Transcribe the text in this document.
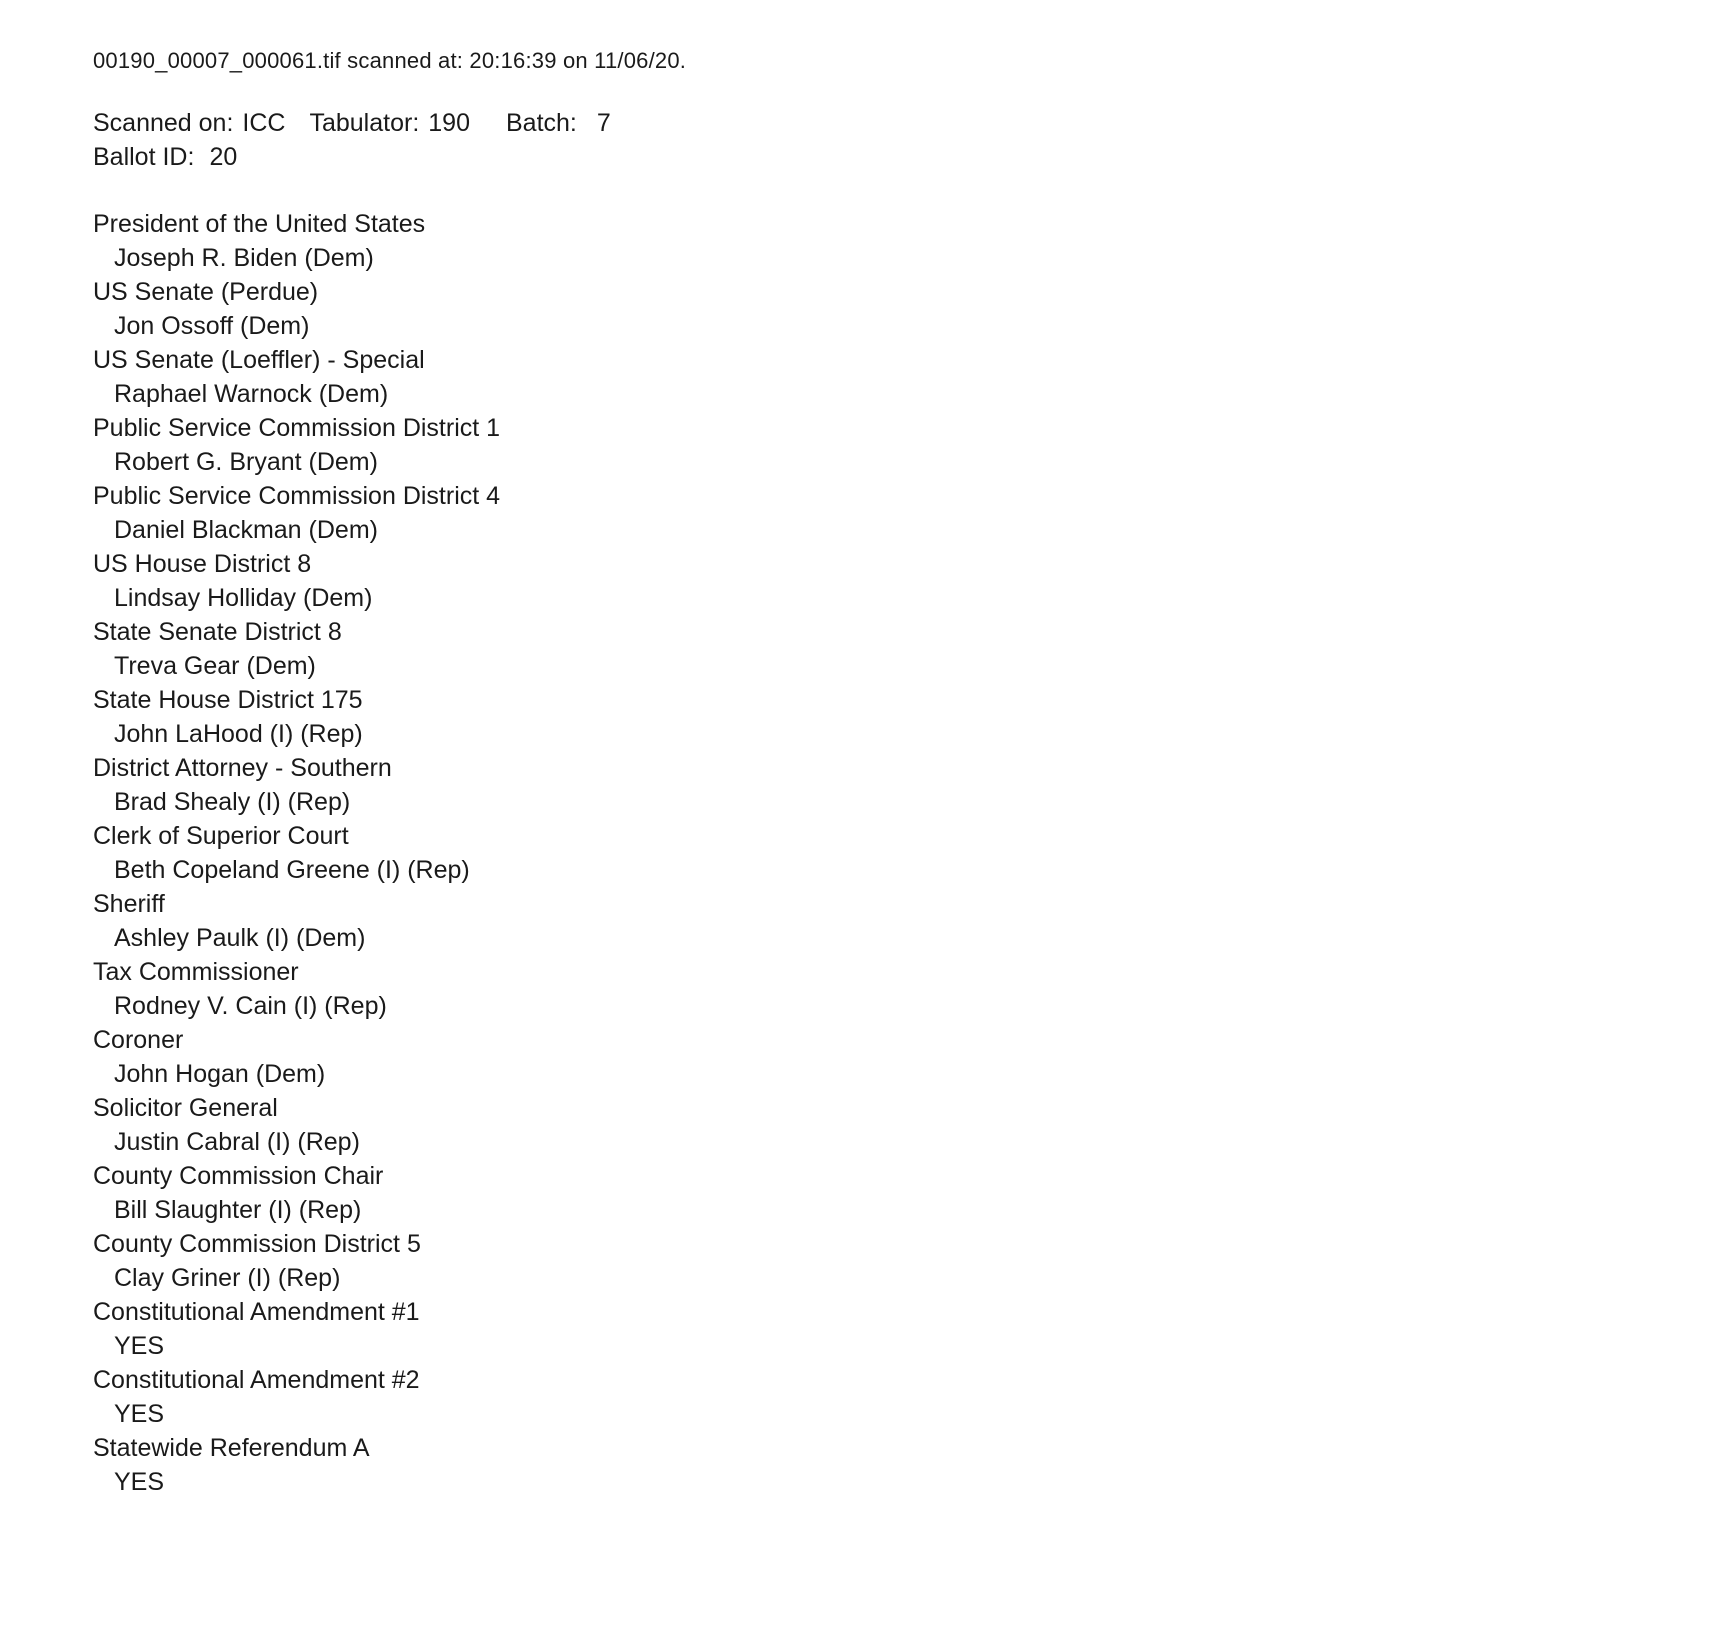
00190_00007_000061.tif scanned at: 20:16:39 on 11/06/20.
Scanned on: ICC Tabulator: 190 Batch: 7
Ballot ID: 20
President of the United States
Joseph R. Biden (Dem)
US Senate (Perdue)
Jon Ossoff (Dem)
US Senate (Loeffler) - Special
Raphael Warnock (Dem)
Public Service Commission District 1
Robert G. Bryant (Dem)
Public Service Commission District 4
Daniel Blackman (Dem)
US House District 8
Lindsay Holliday (Dem)
State Senate District 8
Treva Gear (Dem)
State House District 175
John LaHood (I) (Rep)
District Attorney - Southern
Brad Shealy (I) (Rep)
Clerk of Superior Court
Beth Copeland Greene (I) (Rep)
Sheriff
Ashley Paulk (I) (Dem)
Tax Commissioner
Rodney V. Cain (I) (Rep)
Coroner
John Hogan (Dem)
Solicitor General
Justin Cabral (I) (Rep)
County Commission Chair
Bill Slaughter (I) (Rep)
County Commission District 5
Clay Griner (I) (Rep)
Constitutional Amendment #1
YES
Constitutional Amendment #2
YES
Statewide Referendum A
YES
